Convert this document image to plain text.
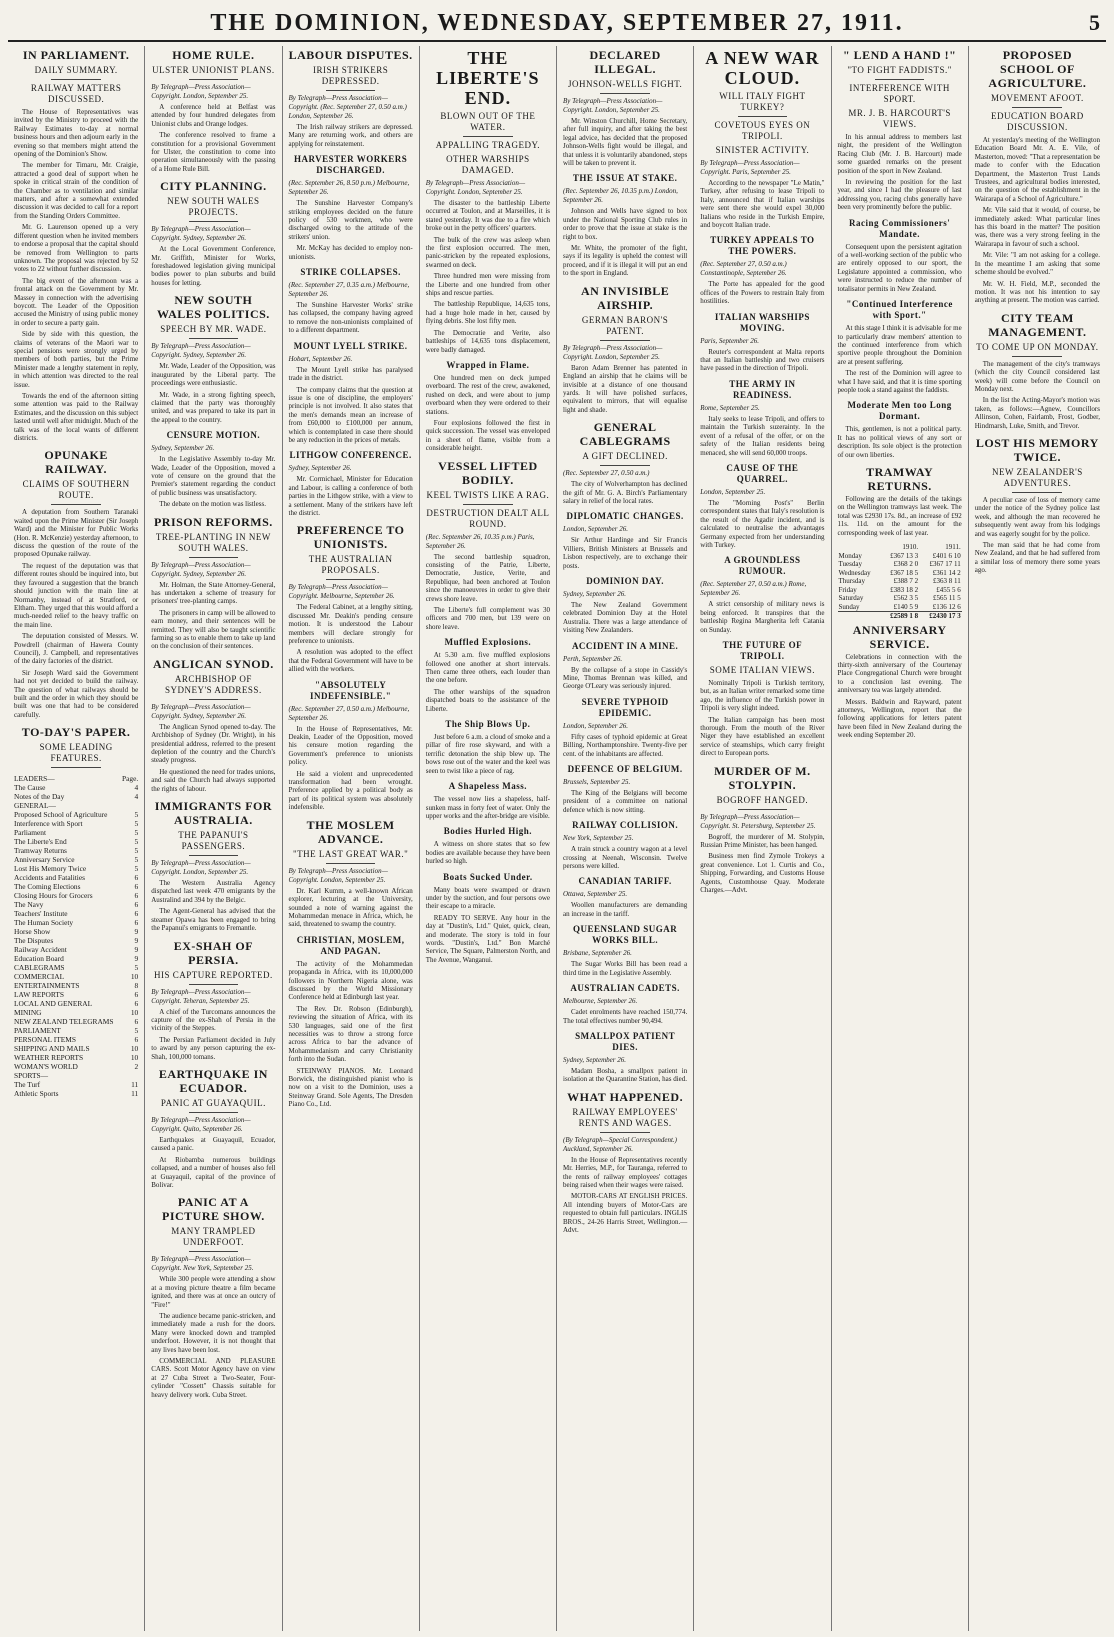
THE DOMINION, WEDNESDAY, SEPTEMBER 27, 1911.	5
IN PARLIAMENT.
DAILY SUMMARY.
RAILWAY MATTERS DISCUSSED.

The House of Representatives was invited by the Ministry to proceed with the Railway Estimates to-day at normal business hours and then adjourn early in the evening so that members might attend the opening of the Dominion's Show.

The member for Timaru, Mr. Craigie, attracted a good deal of support when he spoke in critical strain of the condition of the Chamber as to ventilation and similar matters, and after a somewhat extended discussion it was decided to call for a report from the Standing Orders Committee.

Mr. G. Laurenson opened up a very different question when he invited members to endorse a proposal that the capital should be removed from Wellington to parts unknown. The proposal was rejected by 52 votes to 22 without further discussion.

The big event of the afternoon was a frontal attack on the Government by Mr. Massey in connection with the advertising boycott. The Leader of the Opposition accused the Ministry of using public money in order to secure a party gain.

Side by side with this question, the claims of veterans of the Maori war to special pensions were strongly urged by members of both parties, but the Prime Minister made a lengthy statement in reply, in which attention was directed to the real issue.

Towards the end of the afternoon sitting some attention was paid to the Railway Estimates, and the discussion on this subject lasted until well after midnight. Much of the talk was of the local wants of different districts.

OPUNAKE RAILWAY.
CLAIMS OF SOUTHERN ROUTE.

A deputation from Southern Taranaki waited upon the Prime Minister (Sir Joseph Ward) and the Minister for Public Works (Hon. R. McKenzie) yesterday afternoon, to discuss the question of the route of the proposed Opunake railway.

The request of the deputation was that different routes should be inquired into, but they favoured a suggestion that the branch should junction with the main line at Normanby, instead of at Stratford, or Eltham. They urged that this would afford a much-needed relief to the heavy traffic on the main line.

The deputation consisted of Messrs. W. Powdrell (chairman of Hawera County Council), J. Campbell, and representatives of the dairy factories of the district.

Sir Joseph Ward said the Government had not yet decided to build the railway. The question of what railways should be built and the order in which they should be built was one that had to be considered carefully.

TO-DAY'S PAPER.
SOME LEADING FEATURES.
LEADERS—	Page.
The Cause	4
Notes of the Day	4
GENERAL—
Proposed School of Agriculture	5
Interference with Sport	5
Parliament	5
The Liberte's End	5
Tramway Returns	5
Anniversary Service	5
Lost His Memory Twice	5
Accidents and Fatalities	6
The Coming Elections	6
Closing Hours for Grocers	6
The Navy	6
Teachers' Institute	6
The Human Society	6
Horse Show	9
The Disputes	9
Railway Accident	9
Education Board	9
CABLEGRAMS	5
COMMERCIAL	10
ENTERTAINMENTS	8
LAW REPORTS	6
LOCAL AND GENERAL	6
MINING	10
NEW ZEALAND TELEGRAMS	6
PARLIAMENT	5
PERSONAL ITEMS	6
SHIPPING AND MAILS	10
WEATHER REPORTS	10
WOMAN'S WORLD	2
SPORTS—
The Turf	11
Athletic Sports	11
HOME RULE.
ULSTER UNIONIST PLANS.
By Telegraph—Press Association—Copyright. London, September 25.

A conference held at Belfast was attended by four hundred delegates from Unionist clubs and Orange lodges.

The conference resolved to frame a constitution for a provisional Government for Ulster, the constitution to come into operation simultaneously with the passing of a Home Rule Bill.

CITY PLANNING.
NEW SOUTH WALES PROJECTS.
By Telegraph—Press Association—Copyright. Sydney, September 26.

At the Local Government Conference, Mr. Griffith, Minister for Works, foreshadowed legislation giving municipal bodies power to plan suburbs and build houses for letting.

NEW SOUTH WALES POLITICS.
SPEECH BY MR. WADE.
By Telegraph—Press Association—Copyright. Sydney, September 26.

Mr. Wade, Leader of the Opposition, was inaugurated by the Liberal party. The proceedings were enthusiastic.

Mr. Wade, in a strong fighting speech, claimed that the party was thoroughly united, and was prepared to take its part in the appeal to the country.

CENSURE MOTION.
Sydney, September 26.

In the Legislative Assembly to-day Mr. Wade, Leader of the Opposition, moved a vote of censure on the ground that the Premier's statement regarding the conduct of public business was unsatisfactory.

The debate on the motion was listless.

PRISON REFORMS.
TREE-PLANTING IN NEW SOUTH WALES.
By Telegraph—Press Association—Copyright. Sydney, September 26.

Mr. Holman, the State Attorney-General, has undertaken a scheme of treasury for prisoners' tree-planting camps.

The prisoners in camp will be allowed to earn money, and their sentences will be remitted. They will also be taught scientific farming so as to enable them to take up land on the conclusion of their sentences.

ANGLICAN SYNOD.
ARCHBISHOP OF SYDNEY'S ADDRESS.
By Telegraph—Press Association—Copyright. Sydney, September 26.

The Anglican Synod opened to-day. The Archbishop of Sydney (Dr. Wright), in his presidential address, referred to the present depletion of the country and the Church's steady progress.

He questioned the need for trades unions, and said the Church had always supported the rights of labour.

IMMIGRANTS FOR AUSTRALIA.
THE PAPANUI'S PASSENGERS.
By Telegraph—Press Association—Copyright. London, September 25.

The Western Australia Agency dispatched last week 470 emigrants by the Australind and 394 by the Belgic.

The Agent-General has advised that the steamer Opawa has been engaged to bring the Papanui's emigrants to Fremantle.

EX-SHAH OF PERSIA.
HIS CAPTURE REPORTED.
By Telegraph—Press Association—Copyright. Teheran, September 25.

A chief of the Turcomans announces the capture of the ex-Shah of Persia in the vicinity of the Steppes.

The Persian Parliament decided in July to award by any person capturing the ex-Shah, 100,000 tomans.

EARTHQUAKE IN ECUADOR.
PANIC AT GUAYAQUIL.
By Telegraph—Press Association—Copyright. Quito, September 26.

Earthquakes at Guayaquil, Ecuador, caused a panic.

At Riobamba numerous buildings collapsed, and a number of houses also fell at Guayaquil, capital of the province of Bolivar.

PANIC AT A PICTURE SHOW.
MANY TRAMPLED UNDERFOOT.
By Telegraph—Press Association—Copyright. New York, September 25.

While 300 people were attending a show at a moving picture theatre a film became ignited, and there was at once an outcry of "Fire!"

The audience became panic-stricken, and immediately made a rush for the doors. Many were knocked down and trampled underfoot. However, it is not thought that any lives have been lost.

COMMERCIAL AND PLEASURE CARS. Scott Motor Agency have on view at 27 Cuba Street a Two-Seater, Four-cylinder "Cossett" Chassis suitable for heavy delivery work. Cuba Street.

LABOUR DISPUTES.
IRISH STRIKERS DEPRESSED.
By Telegraph—Press Association—Copyright. (Rec. September 27, 0.50 a.m.) London, September 26.

The Irish railway strikers are depressed. Many are returning work, and others are applying for reinstatement.

HARVESTER WORKERS DISCHARGED.
(Rec. September 26, 8.50 p.m.) Melbourne, September 26.

The Sunshine Harvester Company's striking employees decided on the future policy of 530 workmen, who were discharged owing to the attitude of the strikers' union.

Mr. McKay has decided to employ non-unionists.

STRIKE COLLAPSES.
(Rec. September 27, 0.35 a.m.) Melbourne, September 26.

The Sunshine Harvester Works' strike has collapsed, the company having agreed to remove the non-unionists complained of to a different department.

MOUNT LYELL STRIKE.
Hobart, September 26.

The Mount Lyell strike has paralysed trade in the district.

The company claims that the question at issue is one of discipline, the employers' principle is not involved. It also states that the men's demands mean an increase of from £60,000 to £100,000 per annum, which is contemplated in case there should be any reduction in the prices of metals.

LITHGOW CONFERENCE.
Sydney, September 26.

Mr. Cormichael, Minister for Education and Labour, is calling a conference of both parties in the Lithgow strike, with a view to a settlement. Many of the strikers have left the district.

PREFERENCE TO UNIONISTS.
THE AUSTRALIAN PROPOSALS.
By Telegraph—Press Association—Copyright. Melbourne, September 26.

The Federal Cabinet, at a lengthy sitting, discussed Mr. Deakin's pending censure motion. It is understood the Labour members will declare strongly for preference to unionists.

A resolution was adopted to the effect that the Federal Government will have to be allied with the workers.

"ABSOLUTELY INDEFENSIBLE."
(Rec. September 27, 0.50 a.m.) Melbourne, September 26.

In the House of Representatives, Mr. Deakin, Leader of the Opposition, moved his censure motion regarding the Government's preference to unionists policy.

He said a violent and unprecedented transformation had been wrought. Preference applied by a political body as part of its political system was absolutely indefensible.

THE MOSLEM ADVANCE.
"THE LAST GREAT WAR."
By Telegraph—Press Association—Copyright. London, September 25.

Dr. Karl Kumm, a well-known African explorer, lecturing at the University, sounded a note of warning against the Mohammedan menace in Africa, which, he said, threatened to swamp the country.

CHRISTIAN, MOSLEM, AND PAGAN.

The activity of the Mohammedan propaganda in Africa, with its 10,000,000 followers in Northern Nigeria alone, was discussed by the World Missionary Conference held at Edinburgh last year.

The Rev. Dr. Robson (Edinburgh), reviewing the situation of Africa, with its 530 languages, said one of the first necessities was to throw a strong force across Africa to bar the advance of Mohammedanism and carry Christianity forth into the Sudan.

STEINWAY PIANOS. Mr. Leonard Borwick, the distinguished pianist who is now on a visit to the Dominion, uses a Steinway Grand. Sole Agents, The Dresden Piano Co., Ltd.

THE LIBERTE'S END.
BLOWN OUT OF THE WATER.
APPALLING TRAGEDY.
OTHER WARSHIPS DAMAGED.
By Telegraph—Press Association—Copyright. London, September 25.

The disaster to the battleship Liberte occurred at Toulon, and at Marseilles, it is stated yesterday. It was due to a fire which broke out in the petty officers' quarters.

The bulk of the crew was asleep when the first explosion occurred. The men, panic-stricken by the repeated explosions, swarmed on deck.

Three hundred men were missing from the Liberte and one hundred from other ships and rescue parties.

The battleship Republique, 14,635 tons, had a huge hole made in her, caused by flying debris. She lost fifty men.

The Democratie and Verite, also battleships of 14,635 tons displacement, were badly damaged.

Wrapped in Flame.

One hundred men on deck jumped overboard. The rest of the crew, awakened, rushed on deck, and were about to jump overboard when they were ordered to their stations.

Four explosions followed the first in quick succession. The vessel was enveloped in a sheet of flame, visible from a considerable height.

VESSEL LIFTED BODILY.
KEEL TWISTS LIKE A RAG.
DESTRUCTION DEALT ALL ROUND.
(Rec. September 26, 10.35 p.m.) Paris, September 26.

The second battleship squadron, consisting of the Patrie, Liberte, Democratie, Justice, Verite, and Republique, had been anchored at Toulon since the manoeuvres in order to give their crews shore leave.

The Liberte's full complement was 30 officers and 700 men, but 139 were on shore leave.

Muffled Explosions.

At 5.30 a.m. five muffled explosions followed one another at short intervals. Then came three others, each louder than the one before.

The other warships of the squadron dispatched boats to the assistance of the Liberte.

The Ship Blows Up.

Just before 6 a.m. a cloud of smoke and a pillar of fire rose skyward, and with a terrific detonation the ship blew up. The bows rose out of the water and the keel was seen to twist like a piece of rag.

A Shapeless Mass.

The vessel now lies a shapeless, half-sunken mass in forty feet of water. Only the upper works and the after-bridge are visible.

Bodies Hurled High.

A witness on shore states that so few bodies are available because they have been hurled so high.

Boats Sucked Under.

Many boats were swamped or drawn under by the suction, and four persons owe their escape to a miracle.

READY TO SERVE. Any hour in the day at "Dustin's, Ltd." Quiet, quick, clean, and moderate. The story is told in four words. "Dustin's, Ltd." Bon Marché Service, The Square, Palmerston North, and The Avenue, Wanganui.

DECLARED ILLEGAL.
JOHNSON-WELLS FIGHT.
By Telegraph—Press Association—Copyright. London, September 25.

Mr. Winston Churchill, Home Secretary, after full inquiry, and after taking the best legal advice, has decided that the proposed Johnson-Wells fight would be illegal, and that unless it is voluntarily abandoned, steps will be taken to prevent it.

THE ISSUE AT STAKE.
(Rec. September 26, 10.35 p.m.) London, September 26.

Johnson and Wells have signed to box under the National Sporting Club rules in order to prove that the issue at stake is the right to box.

Mr. White, the promoter of the fight, says if its legality is upheld the contest will proceed, and if it is illegal it will put an end to the sport in England.

AN INVISIBLE AIRSHIP.
GERMAN BARON'S PATENT.
By Telegraph—Press Association—Copyright. London, September 25.

Baron Adam Brenner has patented in England an airship that he claims will be invisible at a distance of one thousand yards. It will have polished surfaces, equivalent to mirrors, that will equalise light and shade.

GENERAL CABLEGRAMS
A GIFT DECLINED.
(Rec. September 27, 0.50 a.m.)

The city of Wolverhampton has declined the gift of Mr. G. A. Birch's Parliamentary salary in relief of the local rates.

DIPLOMATIC CHANGES.
London, September 26.

Sir Arthur Hardinge and Sir Francis Villiers, British Ministers at Brussels and Lisbon respectively, are to exchange their posts.

DOMINION DAY.
Sydney, September 26.

The New Zealand Government celebrated Dominion Day at the Hotel Australia. There was a large attendance of visiting New Zealanders.

ACCIDENT IN A MINE.
Perth, September 26.

By the collapse of a stope in Cassidy's Mine, Thomas Brennan was killed, and George O'Leary was seriously injured.

SEVERE TYPHOID EPIDEMIC.
London, September 26.

Fifty cases of typhoid epidemic at Great Billing, Northamptonshire. Twenty-five per cent. of the inhabitants are affected.

DEFENCE OF BELGIUM.
Brussels, September 25.

The King of the Belgians will become president of a committee on national defence which is now sitting.

RAILWAY COLLISION.
New York, September 25.

A train struck a country wagon at a level crossing at Neenah, Wisconsin. Twelve persons were killed.

CANADIAN TARIFF.
Ottawa, September 25.

Woollen manufacturers are demanding an increase in the tariff.

QUEENSLAND SUGAR WORKS BILL.
Brisbane, September 26.

The Sugar Works Bill has been read a third time in the Legislative Assembly.

AUSTRALIAN CADETS.
Melbourne, September 26.

Cadet enrolments have reached 150,774. The total effectives number 90,494.

SMALLPOX PATIENT DIES.
Sydney, September 26.

Madam Bosha, a smallpox patient in isolation at the Quarantine Station, has died.

WHAT HAPPENED.
RAILWAY EMPLOYEES' RENTS AND WAGES.
(By Telegraph—Special Correspondent.) Auckland, September 26.

In the House of Representatives recently Mr. Herries, M.P., for Tauranga, referred to the rents of railway employees' cottages being raised when their wages were raised.

MOTOR-CARS AT ENGLISH PRICES. All intending buyers of Motor-Cars are requested to obtain full particulars. INGLIS BROS., 24-26 Harris Street, Wellington.—Advt.

A NEW WAR CLOUD.
WILL ITALY FIGHT TURKEY?
COVETOUS EYES ON TRIPOLI.
SINISTER ACTIVITY.
By Telegraph—Press Association—Copyright. Paris, September 25.

According to the newspaper "Le Matin," Turkey, after refusing to lease Tripoli to Italy, announced that if Italian warships were sent there she would expel 30,000 Italians who reside in the Turkish Empire, and boycott Italian trade.

TURKEY APPEALS TO THE POWERS.
(Rec. September 27, 0.50 a.m.) Constantinople, September 26.

The Porte has appealed for the good offices of the Powers to restrain Italy from hostilities.

ITALIAN WARSHIPS MOVING.
Paris, September 26.

Reuter's correspondent at Malta reports that an Italian battleship and two cruisers have passed in the direction of Tripoli.

THE ARMY IN READINESS.
Rome, September 25.

Italy seeks to lease Tripoli, and offers to maintain the Turkish suzerainty. In the event of a refusal of the offer, or on the safety of the Italian residents being menaced, she will send 60,000 troops.

CAUSE OF THE QUARREL.
London, September 25.

The "Morning Post's" Berlin correspondent states that Italy's resolution is the result of the Agadir incident, and is calculated to neutralise the advantages Germany expected from her understanding with Turkey.

A GROUNDLESS RUMOUR.
(Rec. September 27, 0.50 a.m.) Rome, September 26.

A strict censorship of military news is being enforced. It transpires that the battleship Regina Margherita left Catania on Sunday.

THE FUTURE OF TRIPOLI.
SOME ITALIAN VIEWS.

Nominally Tripoli is Turkish territory, but, as an Italian writer remarked some time ago, the influence of the Turkish power in Tripoli is very slight indeed.

The Italian campaign has been most thorough. From the mouth of the River Niger they have established an excellent service of steamships, which carry freight direct to European ports.

MURDER OF M. STOLYPIN.
BOGROFF HANGED.
By Telegraph—Press Association—Copyright. St. Petersburg, September 25.

Bogroff, the murderer of M. Stolypin, Russian Prime Minister, has been hanged.

Business men find Zymole Trokeys a great convenience. Lot 1. Curtis and Co., Shipping, Forwarding, and Customs House Agents, Customhouse Quay. Moderate Charges.—Advt.

" LEND A HAND !"
"TO FIGHT FADDISTS."
INTERFERENCE WITH SPORT.
MR. J. B. HARCOURT'S VIEWS.

In his annual address to members last night, the president of the Wellington Racing Club (Mr. J. B. Harcourt) made some guarded remarks on the present position of the sport in New Zealand.

In reviewing the position for the last year, and since I had the pleasure of last addressing you, racing clubs generally have been very prominently before the public.

Racing Commissioners' Mandate.

Consequent upon the persistent agitation of a well-working section of the public who are entirely opposed to our sport, the Legislature appointed a commission, who were instructed to reduce the number of totalisator permits in New Zealand.

"Continued Interference with Sport."

At this stage I think it is advisable for me to particularly draw members' attention to the continued interference from which sportive people throughout the Dominion are at present suffering.

The rest of the Dominion will agree to what I have said, and that it is time sporting people took a stand against the faddists.

Moderate Men too Long Dormant.

This, gentlemen, is not a political party. It has no political views of any sort or description. Its sole object is the protection of our own liberties.

TRAMWAY RETURNS.

Following are the details of the takings on the Wellington tramways last week. The total was £2930 17s. 8d., an increase of £92 11s. 11d. on the amount for the corresponding week of last year.

	1910.	1911.
Monday	£367 13 3	£401 6 10
Tuesday	£368 2 0	£367 17 11
Wednesday	£367 18 5	£361 14 2
Thursday	£388 7 2	£363 8 11
Friday	£383 18 2	£455 5 6
Saturday	£562 3 5	£565 11 5
Sunday	£140 5 9	£136 12 6
	£2589 1 8	£2430 17 3
ANNIVERSARY SERVICE.

Celebrations in connection with the thirty-sixth anniversary of the Courtenay Place Congregational Church were brought to a conclusion last evening. The anniversary tea was largely attended.

Messrs. Baldwin and Rayward, patent attorneys, Wellington, report that the following applications for letters patent have been filed in New Zealand during the week ending September 20.

PROPOSED SCHOOL OF AGRICULTURE.
MOVEMENT AFOOT.
EDUCATION BOARD DISCUSSION.

At yesterday's meeting of the Wellington Education Board Mr. A. E. Vile, of Masterton, moved: "That a representation be made to confer with the Education Department, the Masterton Trust Lands Trustees, and agricultural bodies interested, on the question of the establishment in the Wairarapa of a School of Agriculture."

Mr. Vile said that it would, of course, be immediately asked: What particular lines has this board in the matter? The position was, there was a very strong feeling in the Wairarapa in favour of such a school.

Mr. Vile: "I am not asking for a college. In the meantime I am asking that some scheme should be evolved."

Mr. W. H. Field, M.P., seconded the motion. It was not his intention to say anything at present. The motion was carried.

CITY TEAM MANAGEMENT.
TO COME UP ON MONDAY.

The management of the city's tramways (which the city Council considered last week) will come before the Council on Monday next.

In the list the Acting-Mayor's motion was taken, as follows:—Agnew, Councillors Allinson, Cohen, Fairlamb, Frost, Godber, Hindmarsh, Luke, Smith, and Trevor.

LOST HIS MEMORY TWICE.
NEW ZEALANDER'S ADVENTURES.

A peculiar case of loss of memory came under the notice of the Sydney police last week, and although the man recovered he subsequently went away from his lodgings and was eagerly sought for by the police.

The man said that he had come from New Zealand, and that he had suffered from a similar loss of memory there some years ago.
